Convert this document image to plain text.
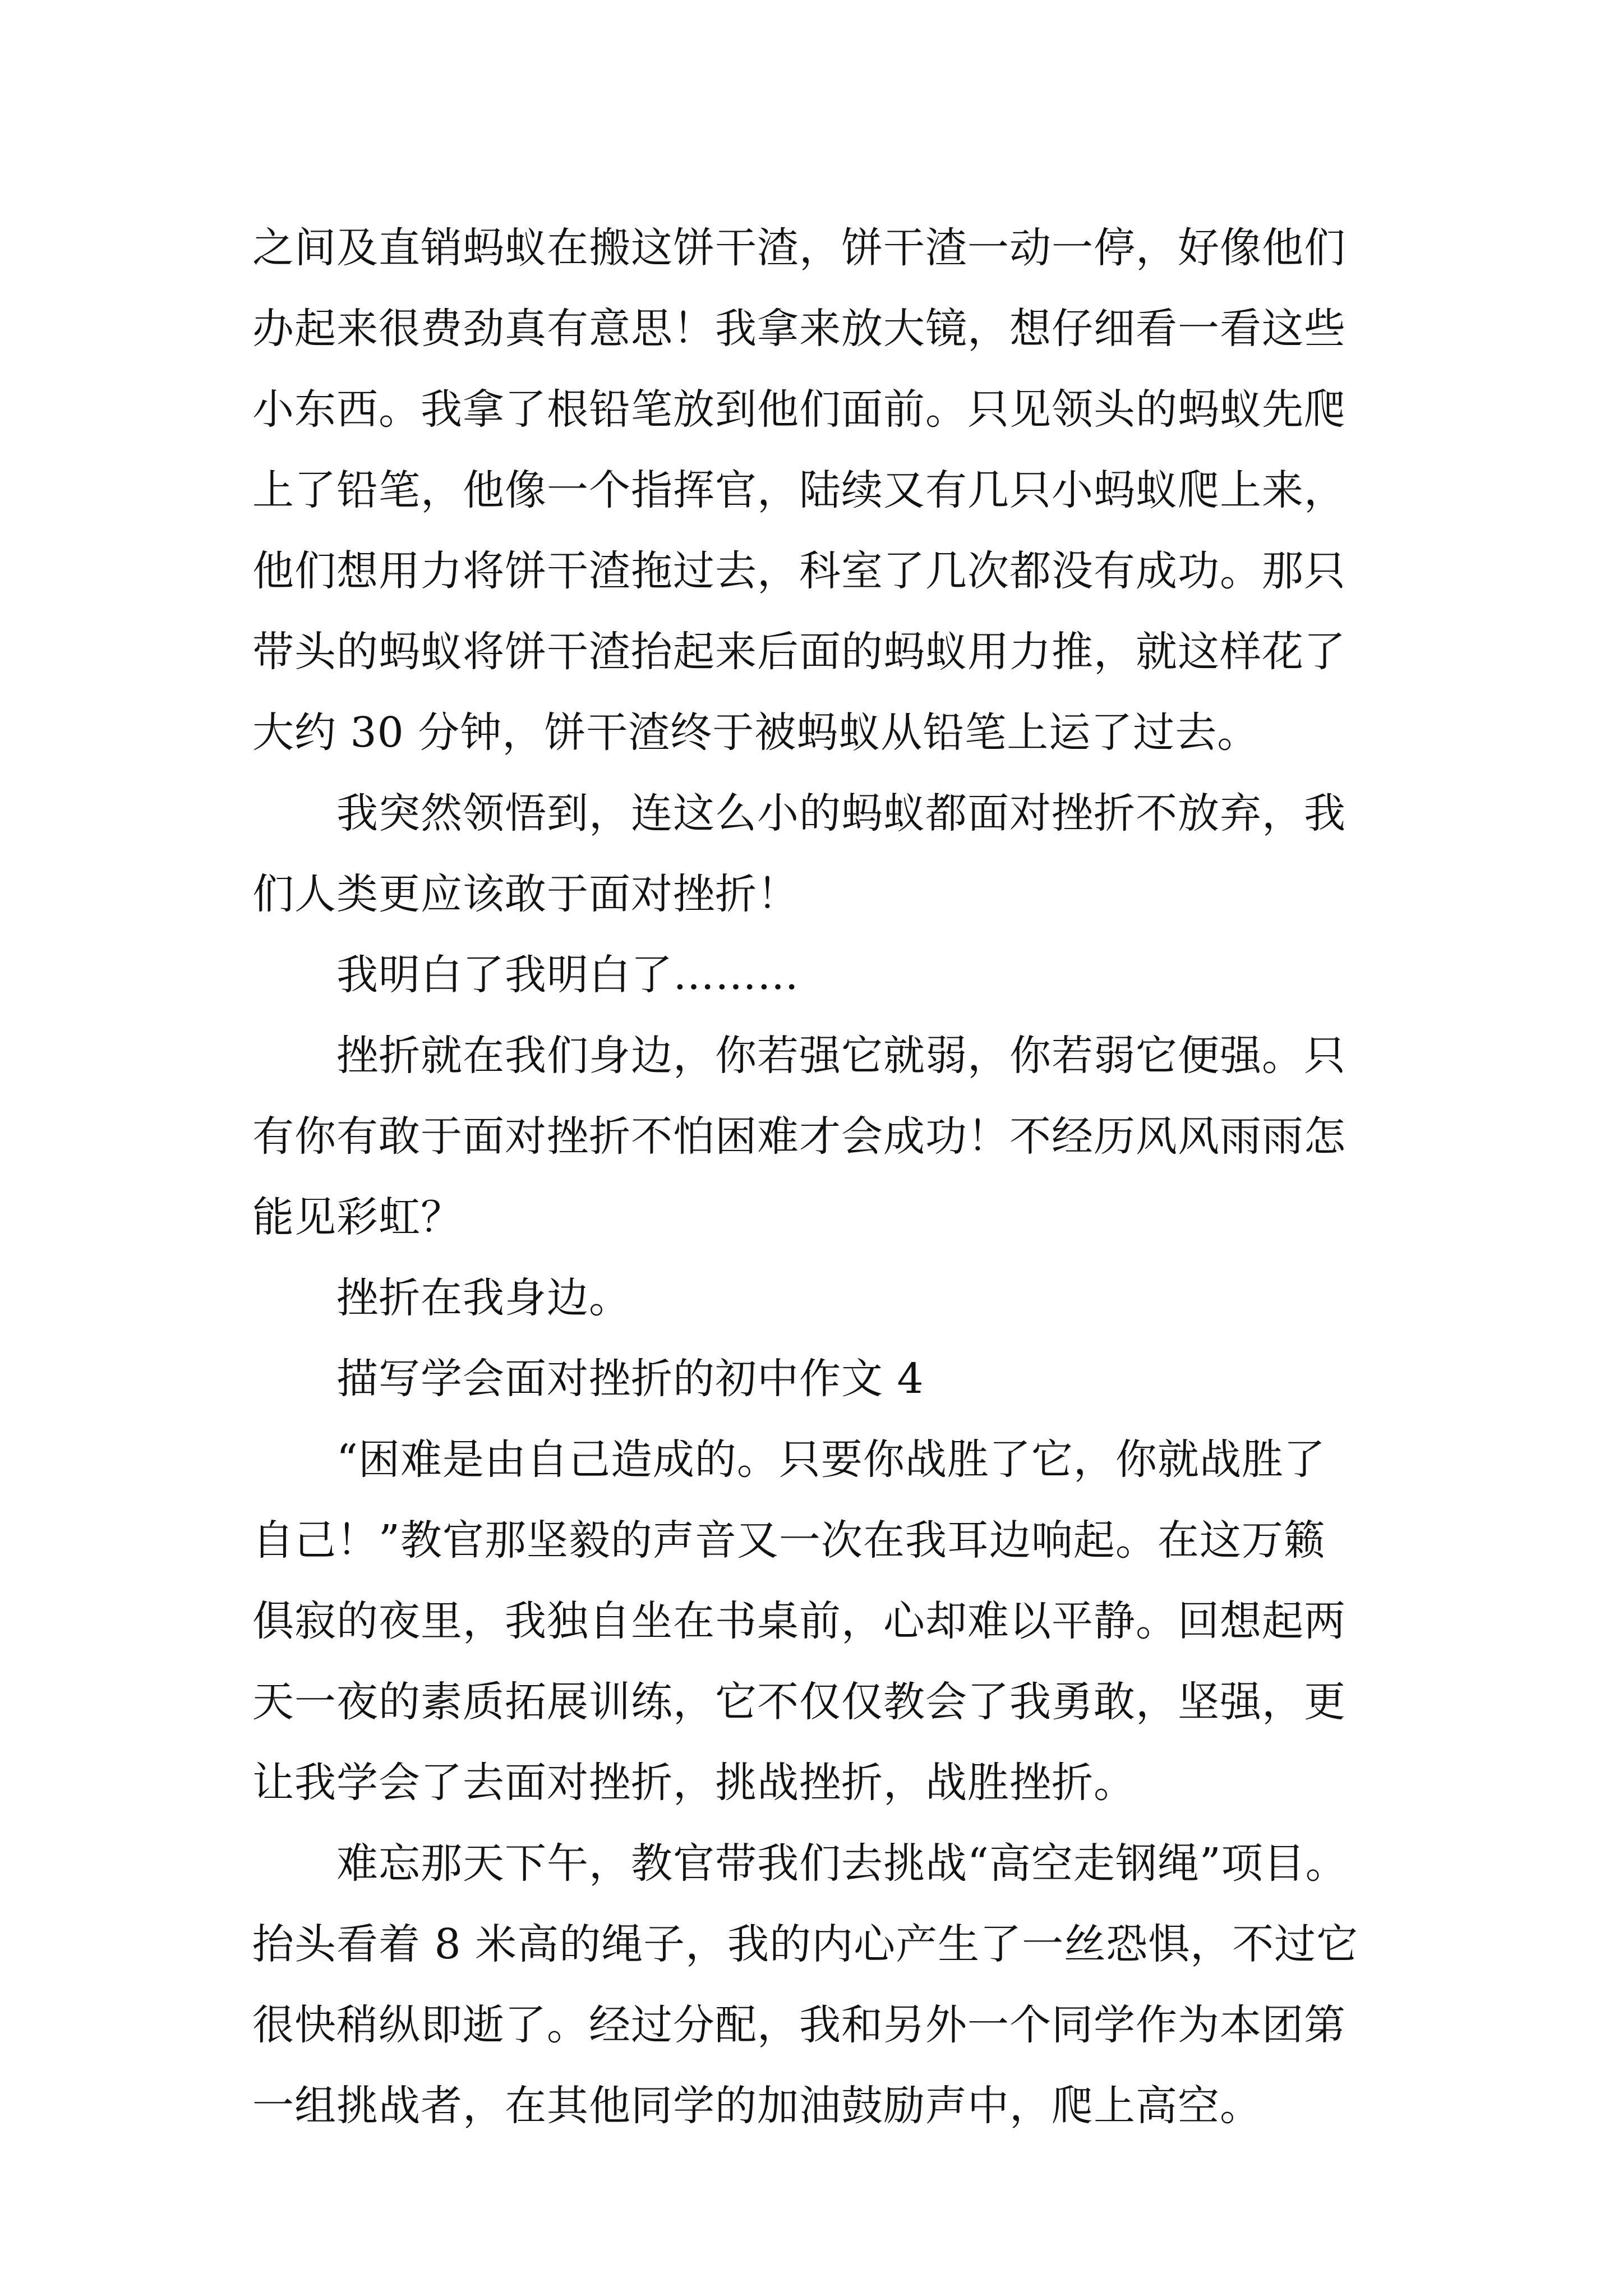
之间及直销蚂蚁在搬这饼干渣，饼干渣一动一停，好像他们
办起来很费劲真有意思！我拿来放大镜，想仔细看一看这些
小东西。我拿了根铅笔放到他们面前。只见领头的蚂蚁先爬
上了铅笔，他像一个指挥官，陆续又有几只小蚂蚁爬上来，
他们想用力将饼干渣拖过去，科室了几次都没有成功。那只
带头的蚂蚁将饼干渣抬起来后面的蚂蚁用力推，就这样花了
大约 30 分钟，饼干渣终于被蚂蚁从铅笔上运了过去。
我突然领悟到，连这么小的蚂蚁都面对挫折不放弃，我
们人类更应该敢于面对挫折！
我明白了我明白了………
挫折就在我们身边，你若强它就弱，你若弱它便强。只
有你有敢于面对挫折不怕困难才会成功！不经历风风雨雨怎
能见彩虹？
挫折在我身边。
描写学会面对挫折的初中作文 4
“困难是由自己造成的。只要你战胜了它，你就战胜了
自己！”教官那坚毅的声音又一次在我耳边响起。在这万籁
俱寂的夜里，我独自坐在书桌前，心却难以平静。回想起两
天一夜的素质拓展训练，它不仅仅教会了我勇敢，坚强，更
让我学会了去面对挫折，挑战挫折，战胜挫折。
难忘那天下午，教官带我们去挑战“高空走钢绳”项目。
抬头看着 8 米高的绳子，我的内心产生了一丝恐惧，不过它
很快稍纵即逝了。经过分配，我和另外一个同学作为本团第
一组挑战者，在其他同学的加油鼓励声中，爬上高空。
